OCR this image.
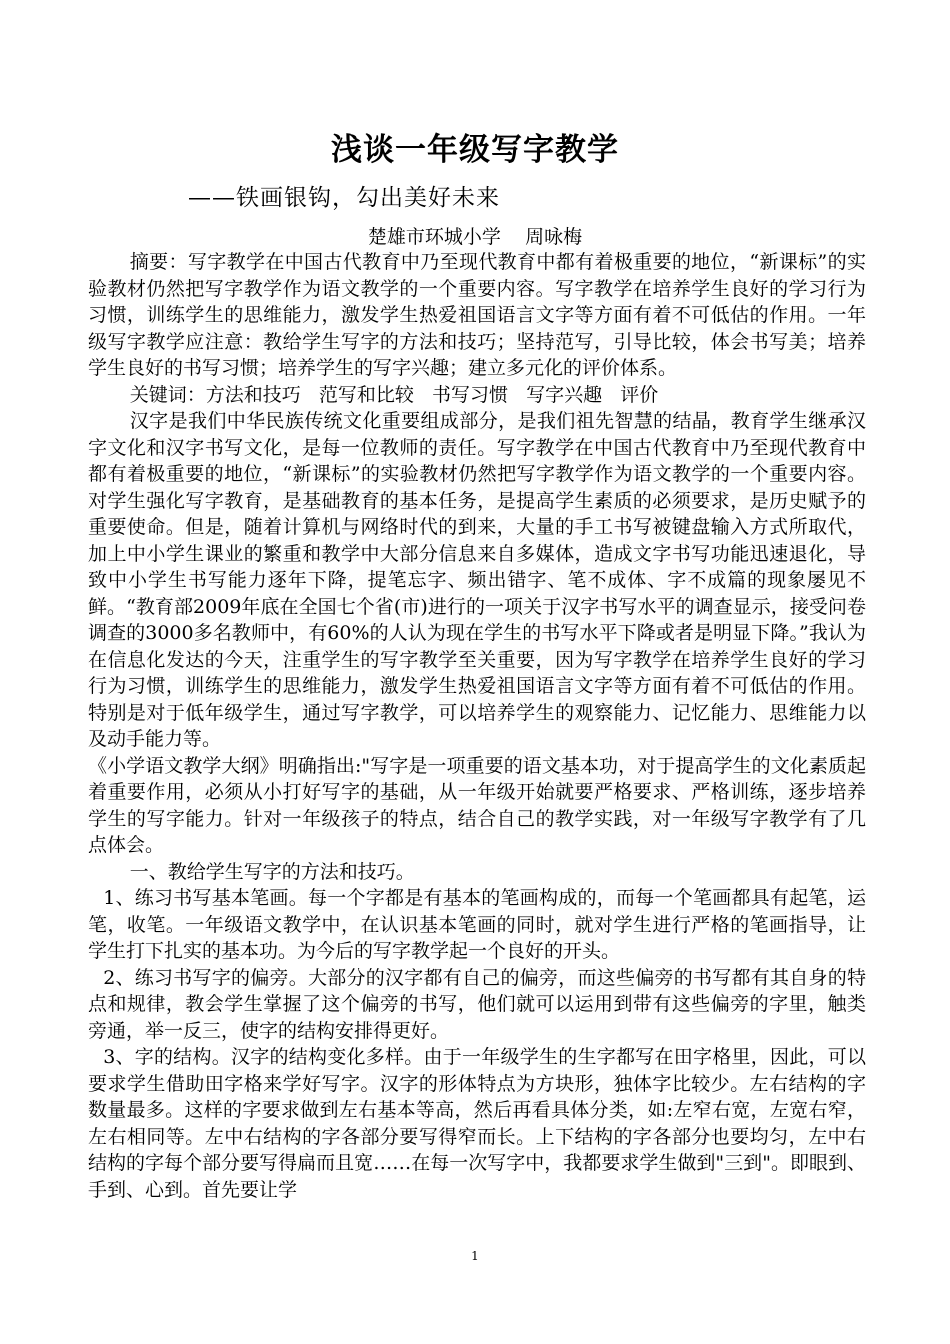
浅谈一年级写字教学
——铁画银钩，勾出美好未来
楚雄市环城小学 周咏梅

摘要：写字教学在中国古代教育中乃至现代教育中都有着极重要的地位，“新课标”的实验教材仍然把写字教学作为语文教学的一个重要内容。写字教学在培养学生良好的学习行为习惯，训练学生的思维能力，激发学生热爱祖国语言文字等方面有着不可低估的作用。一年级写字教学应注意：教给学生写字的方法和技巧；坚持范写，引导比较，体会书写美；培养学生良好的书写习惯；培养学生的写字兴趣；建立多元化的评价体系。

关键词：方法和技巧   范写和比较   书写习惯   写字兴趣   评价

汉字是我们中华民族传统文化重要组成部分，是我们祖先智慧的结晶，教育学生继承汉字文化和汉字书写文化，是每一位教师的责任。写字教学在中国古代教育中乃至现代教育中都有着极重要的地位，“新课标”的实验教材仍然把写字教学作为语文教学的一个重要内容。对学生强化写字教育，是基础教育的基本任务，是提高学生素质的必须要求，是历史赋予的重要使命。但是，随着计算机与网络时代的到来，大量的手工书写被键盘输入方式所取代，加上中小学生课业的繁重和教学中大部分信息来自多媒体，造成文字书写功能迅速退化，导致中小学生书写能力逐年下降，提笔忘字、频出错字、笔不成体、字不成篇的现象屡见不鲜。“教育部2009年底在全国七个省(市)进行的一项关于汉字书写水平的调查显示，接受问卷调查的3000多名教师中，有60%的人认为现在学生的书写水平下降或者是明显下降。”我认为在信息化发达的今天，注重学生的写字教学至关重要，因为写字教学在培养学生良好的学习行为习惯，训练学生的思维能力，激发学生热爱祖国语言文字等方面有着不可低估的作用。特别是对于低年级学生，通过写字教学，可以培养学生的观察能力、记忆能力、思维能力以及动手能力等。

《小学语文教学大纲》明确指出:"写字是一项重要的语文基本功，对于提高学生的文化素质起着重要作用，必须从小打好写字的基础，从一年级开始就要严格要求、严格训练，逐步培养学生的写字能力。针对一年级孩子的特点，结合自己的教学实践，对一年级写字教学有了几点体会。

一、教给学生写字的方法和技巧。

1、练习书写基本笔画。每一个字都是有基本的笔画构成的，而每一个笔画都具有起笔，运笔，收笔。一年级语文教学中，在认识基本笔画的同时，就对学生进行严格的笔画指导，让学生打下扎实的基本功。为今后的写字教学起一个良好的开头。

2、练习书写字的偏旁。大部分的汉字都有自己的偏旁，而这些偏旁的书写都有其自身的特点和规律，教会学生掌握了这个偏旁的书写，他们就可以运用到带有这些偏旁的字里，触类旁通，举一反三，使字的结构安排得更好。

3、字的结构。汉字的结构变化多样。由于一年级学生的生字都写在田字格里，因此，可以要求学生借助田字格来学好写字。汉字的形体特点为方块形，独体字比较少。左右结构的字数量最多。这样的字要求做到左右基本等高，然后再看具体分类，如:左窄右宽，左宽右窄，左右相同等。左中右结构的字各部分要写得窄而长。上下结构的字各部分也要均匀，左中右结构的字每个部分要写得扁而且宽……在每一次写字中，我都要求学生做到"三到"。即眼到、手到、心到。首先要让学

1
